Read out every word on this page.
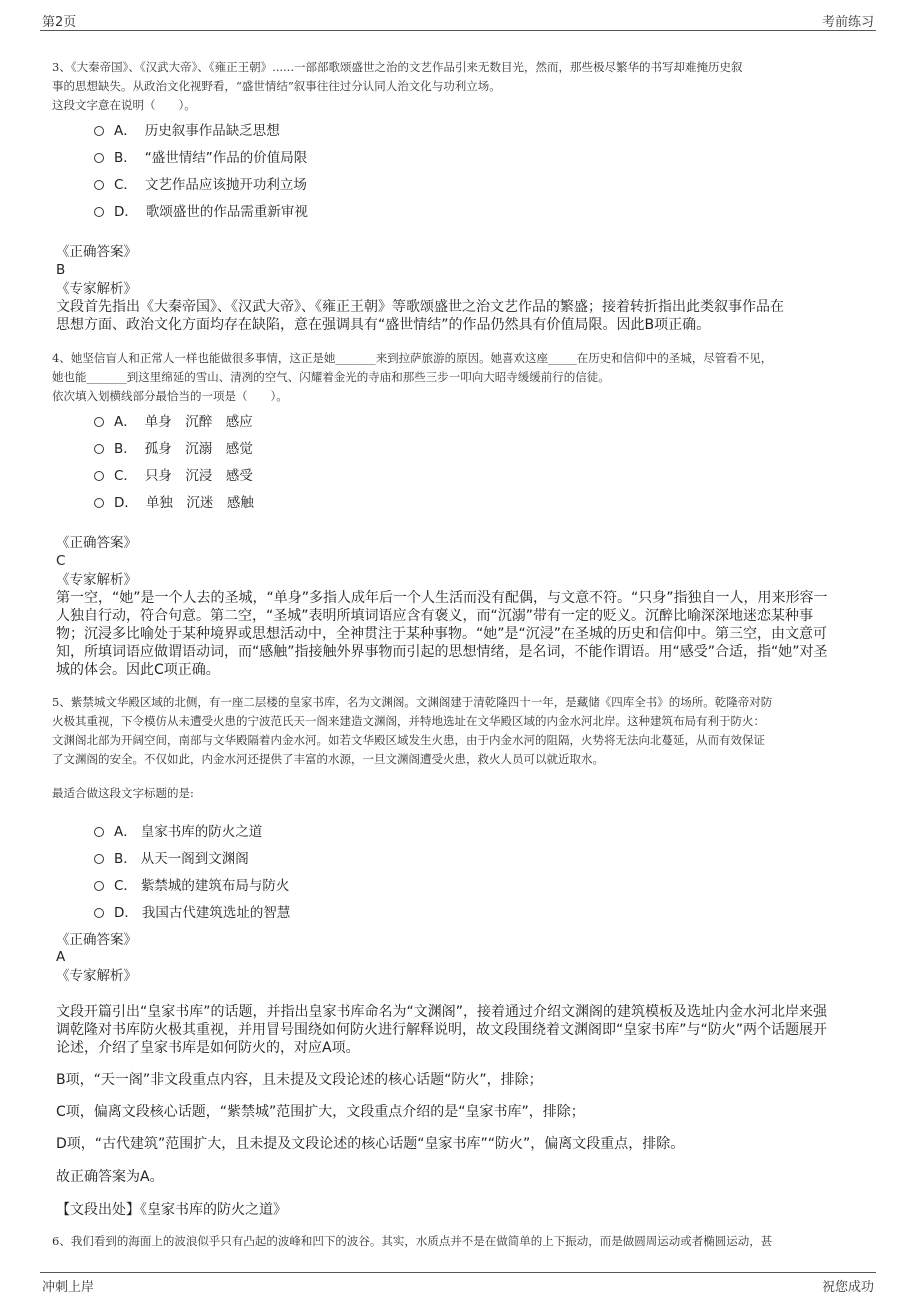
第2页	考前练习
3、《大秦帝国》、《汉武大帝》、《雍正王朝》......一部部歌颂盛世之治的文艺作品引来无数目光，然而，那些极尽繁华的书写却难掩历史叙
事的思想缺失。从政治文化视野看，“盛世情结”叙事往往过分认同人治文化与功利立场。
这段文字意在说明（　　）。
A． 历史叙事作品缺乏思想
B． “盛世情结”作品的价值局限
C． 文艺作品应该抛开功利立场
D． 歌颂盛世的作品需重新审视
《正确答案》
B
《专家解析》
文段首先指出《大秦帝国》、《汉武大帝》、《雍正王朝》等歌颂盛世之治文艺作品的繁盛；接着转折指出此类叙事作品在
思想方面、政治文化方面均存在缺陷，意在强调具有“盛世情结”的作品仍然具有价值局限。因此B项正确。
4、她坚信盲人和正常人一样也能做很多事情，这正是她_______来到拉萨旅游的原因。她喜欢这座_____在历史和信仰中的圣城，尽管看不见，
她也能_______到这里绵延的雪山、清冽的空气、闪耀着金光的寺庙和那些三步一叩向大昭寺缓缓前行的信徒。
依次填入划横线部分最恰当的一项是（　　）。
A． 单身　沉醉　感应
B． 孤身　沉溺　感觉
C． 只身　沉浸　感受
D． 单独　沉迷　感触
《正确答案》
C
《专家解析》
第一空，“她”是一个人去的圣城，“单身”多指人成年后一个人生活而没有配偶，与文意不符。“只身”指独自一人，用来形容一
人独自行动，符合句意。第二空，“圣城”表明所填词语应含有褒义，而“沉溺”带有一定的贬义。沉醉比喻深深地迷恋某种事
物；沉浸多比喻处于某种境界或思想活动中，全神贯注于某种事物。“她”是“沉浸”在圣城的历史和信仰中。第三空，由文意可
知，所填词语应做谓语动词，而“感触”指接触外界事物而引起的思想情绪，是名词，不能作谓语。用“感受”合适，指“她”对圣
城的体会。因此C项正确。
5、紫禁城文华殿区域的北侧，有一座二层楼的皇家书库，名为文渊阁。文渊阁建于清乾隆四十一年，是藏储《四库全书》的场所。乾隆帝对防
火极其重视，下令模仿从未遭受火患的宁波范氏天一阁来建造文渊阁，并特地选址在文华殿区域的内金水河北岸。这种建筑布局有利于防火：
文渊阁北部为开阔空间，南部与文华殿隔着内金水河。如若文华殿区域发生火患，由于内金水河的阻隔，火势将无法向北蔓延，从而有效保证
了文渊阁的安全。不仅如此，内金水河还提供了丰富的水源，一旦文渊阁遭受火患，救火人员可以就近取水。
最适合做这段文字标题的是:
A． 皇家书库的防火之道
B． 从天一阁到文渊阁
C． 紫禁城的建筑布局与防火
D． 我国古代建筑选址的智慧
《正确答案》
A
《专家解析》
文段开篇引出“皇家书库”的话题，并指出皇家书库命名为“文渊阁”，接着通过介绍文渊阁的建筑模板及选址内金水河北岸来强
调乾隆对书库防火极其重视，并用冒号围绕如何防火进行解释说明，故文段围绕着文渊阁即“皇家书库”与“防火”两个话题展开
论述，介绍了皇家书库是如何防火的，对应A项。
B项，“天一阁”非文段重点内容，且未提及文段论述的核心话题“防火”，排除；
C项，偏离文段核心话题，“紫禁城”范围扩大，文段重点介绍的是“皇家书库”，排除；
D项，“古代建筑”范围扩大，且未提及文段论述的核心话题“皇家书库”“防火”，偏离文段重点，排除。
故正确答案为A。
【文段出处】《皇家书库的防火之道》
6、我们看到的海面上的波浪似乎只有凸起的波峰和凹下的波谷。其实，水质点并不是在做简单的上下振动，而是做圆周运动或者椭圆运动，甚
冲刺上岸	祝您成功
